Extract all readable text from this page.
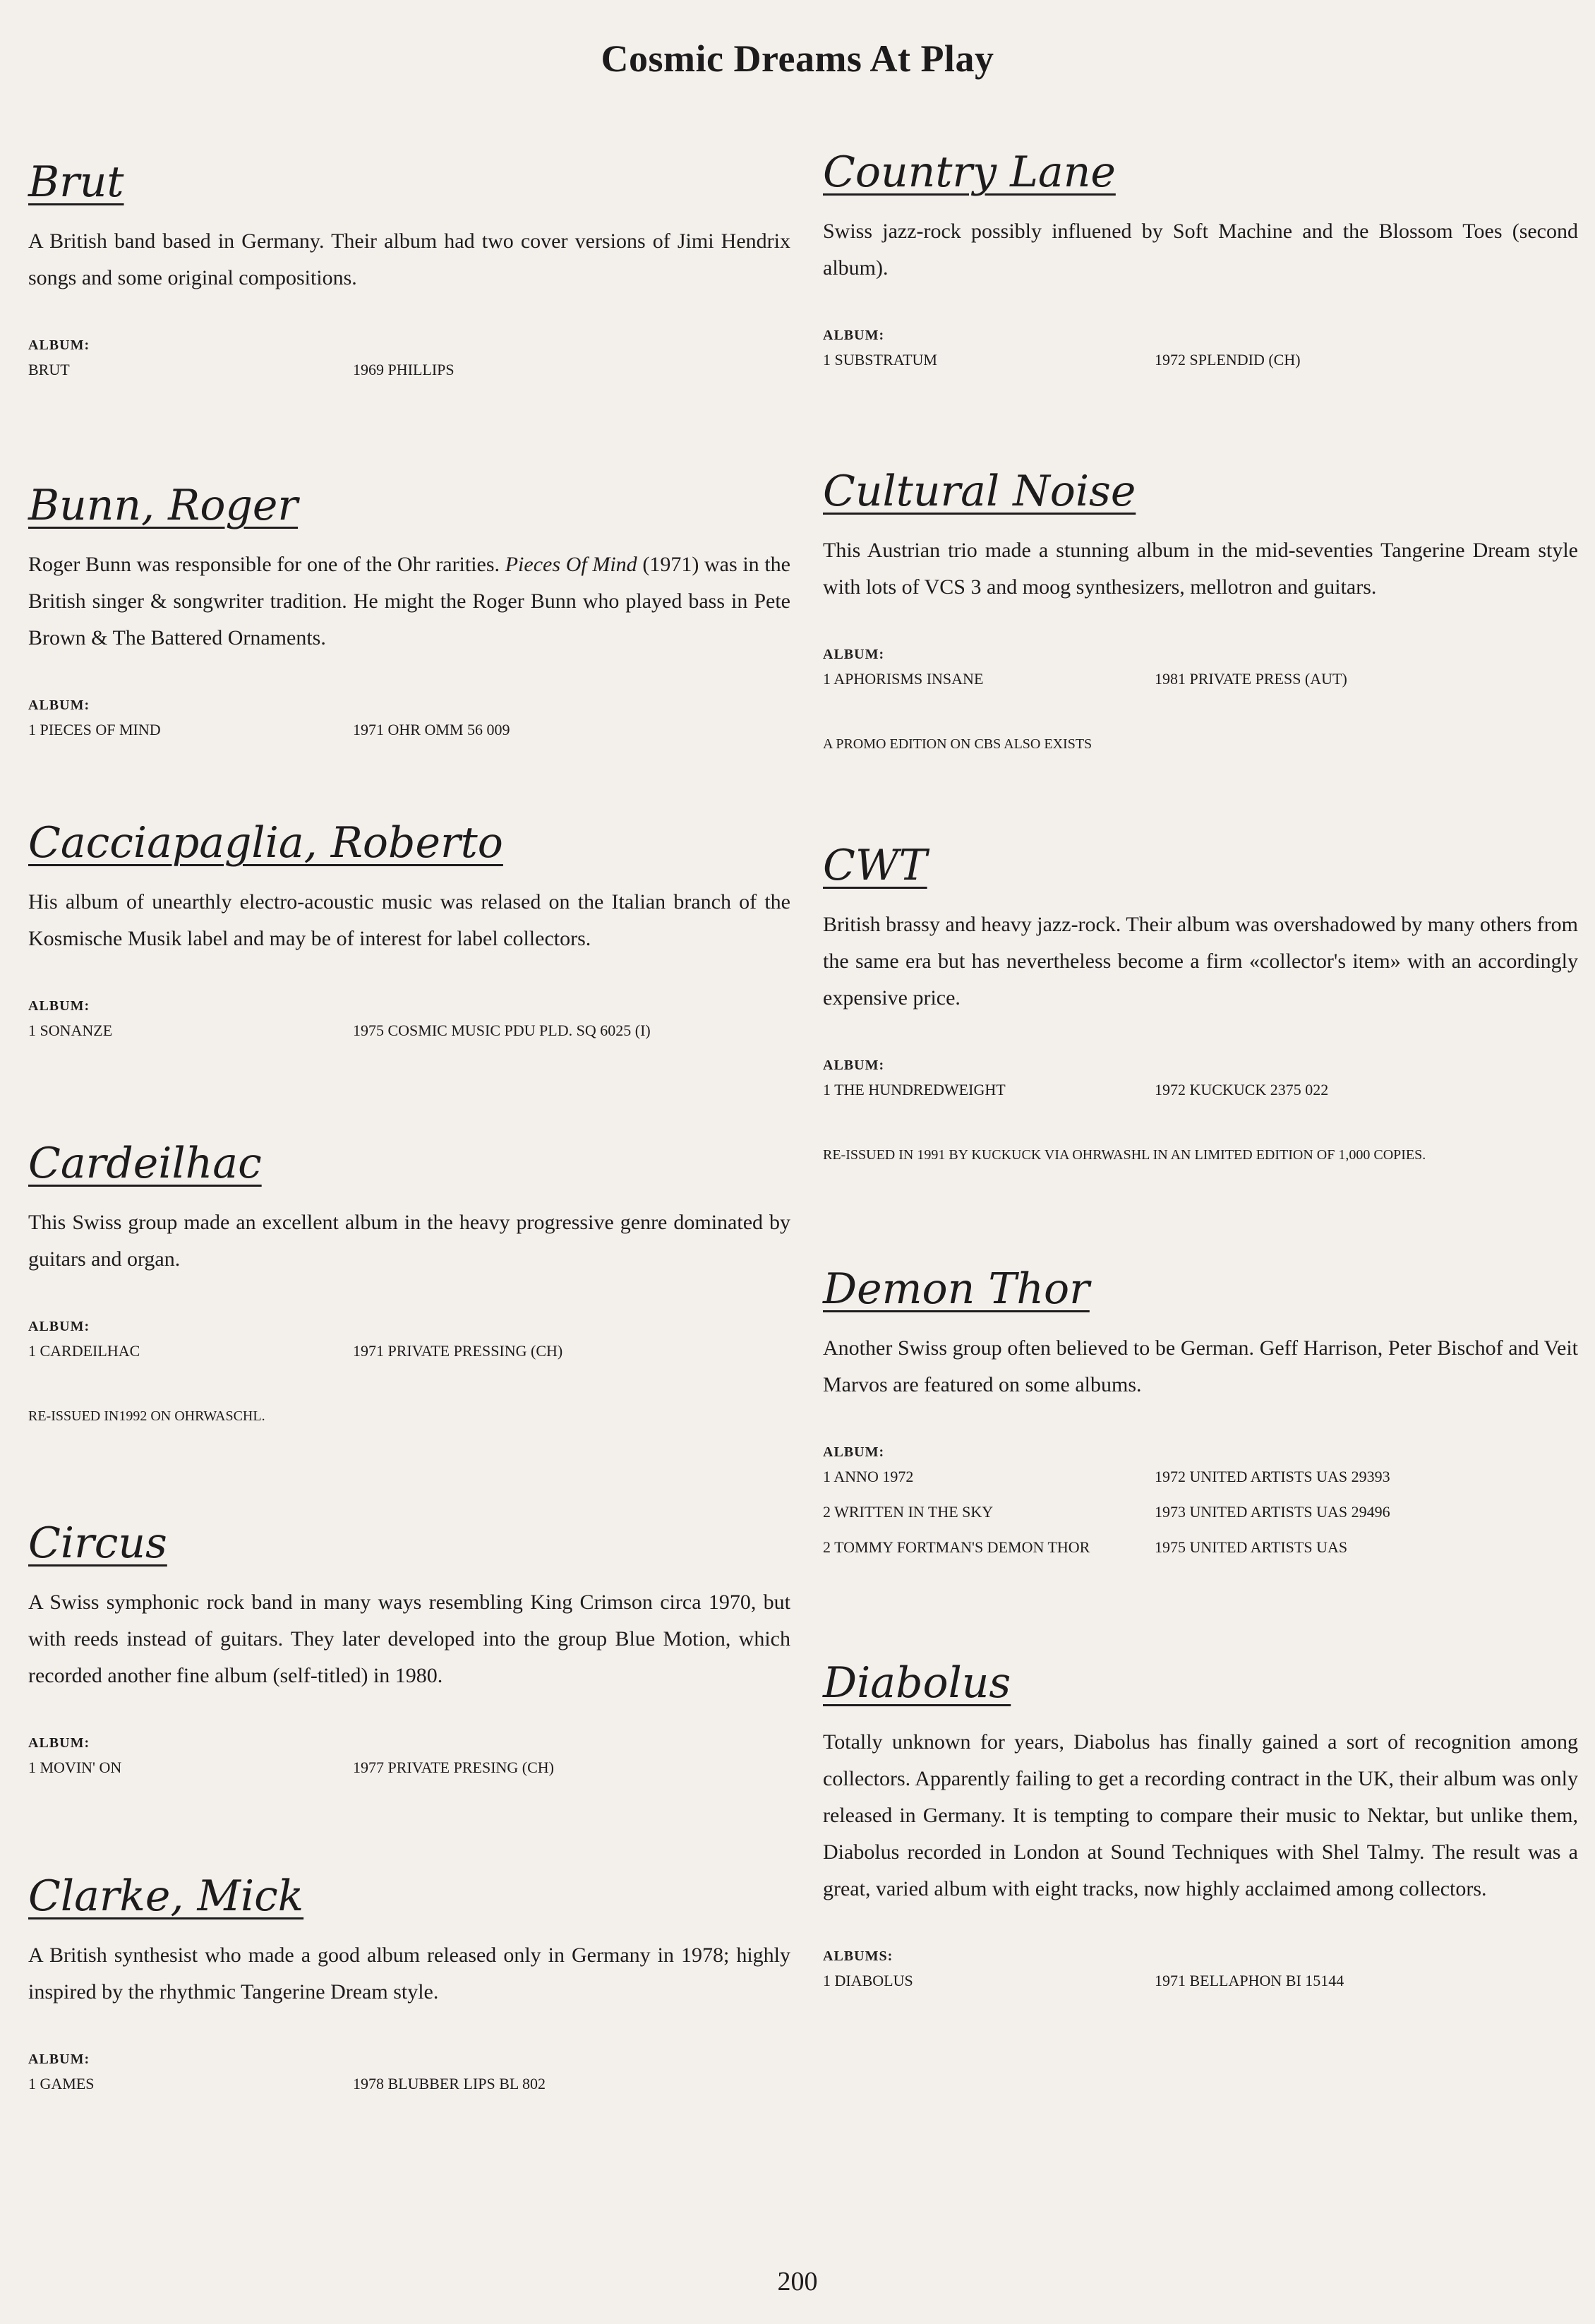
Cosmic Dreams At Play
Brut

A British band based in Germany. Their album had two cover versions of Jimi Hendrix songs and some original compositions.

ALBUM:
BRUT	1969 PHILLIPS
Bunn, Roger

Roger Bunn was responsible for one of the Ohr rarities. Pieces Of Mind (1971) was in the British singer & songwriter tradition. He might the Roger Bunn who played bass in Pete Brown & The Battered Ornaments.

ALBUM:
1 PIECES OF MIND	1971 OHR OMM 56 009
Cacciapaglia, Roberto

His album of unearthly electro-acoustic music was relased on the Italian branch of the Kosmische Musik label and may be of interest for label collectors.

ALBUM:
1 SONANZE	1975 COSMIC MUSIC PDU PLD. SQ 6025 (I)
Cardeilhac

This Swiss group made an excellent album in the heavy progressive genre dominated by guitars and organ.

ALBUM:
1 CARDEILHAC	1971 PRIVATE PRESSING (CH)
RE-ISSUED IN1992 ON OHRWASCHL.
Circus

A Swiss symphonic rock band in many ways resembling King Crimson circa 1970, but with reeds instead of guitars. They later developed into the group Blue Motion, which recorded another fine album (self-titled) in 1980.

ALBUM:
1 MOVIN' ON	1977 PRIVATE PRESING (CH)
Clarke, Mick

A British synthesist who made a good album released only in Germany in 1978; highly inspired by the rhythmic Tangerine Dream style.

ALBUM:
1 GAMES	1978 BLUBBER LIPS BL 802
Country Lane

Swiss jazz-rock possibly influened by Soft Machine and the Blossom Toes (second album).

ALBUM:
1 SUBSTRATUM	1972 SPLENDID (CH)
Cultural Noise

This Austrian trio made a stunning album in the mid-seventies Tangerine Dream style with lots of VCS 3 and moog synthesizers, mellotron and guitars.

ALBUM:
1 APHORISMS INSANE	1981 PRIVATE PRESS (AUT)
A PROMO EDITION ON CBS ALSO EXISTS
CWT

British brassy and heavy jazz-rock. Their album was overshadowed by many others from the same era but has nevertheless become a firm «collector's item» with an accordingly expensive price.

ALBUM:
1 THE HUNDREDWEIGHT	1972 KUCKUCK 2375 022
RE-ISSUED IN 1991 BY KUCKUCK VIA OHRWASHL IN AN LIMITED EDITION OF 1,000 COPIES.
Demon Thor

Another Swiss group often believed to be German. Geff Harrison, Peter Bischof and Veit Marvos are featured on some albums.

ALBUM:
1 ANNO 1972	1972 UNITED ARTISTS UAS 29393
2 WRITTEN IN THE SKY	1973 UNITED ARTISTS UAS 29496
2 TOMMY FORTMAN'S DEMON THOR	1975 UNITED ARTISTS UAS
Diabolus

Totally unknown for years, Diabolus has finally gained a sort of recognition among collectors. Apparently failing to get a recording contract in the UK, their album was only released in Germany. It is tempting to compare their music to Nektar, but unlike them, Diabolus recorded in London at Sound Techniques with Shel Talmy. The result was a great, varied album with eight tracks, now highly acclaimed among collectors.

ALBUMS:
1 DIABOLUS	1971 BELLAPHON BI 15144
200
